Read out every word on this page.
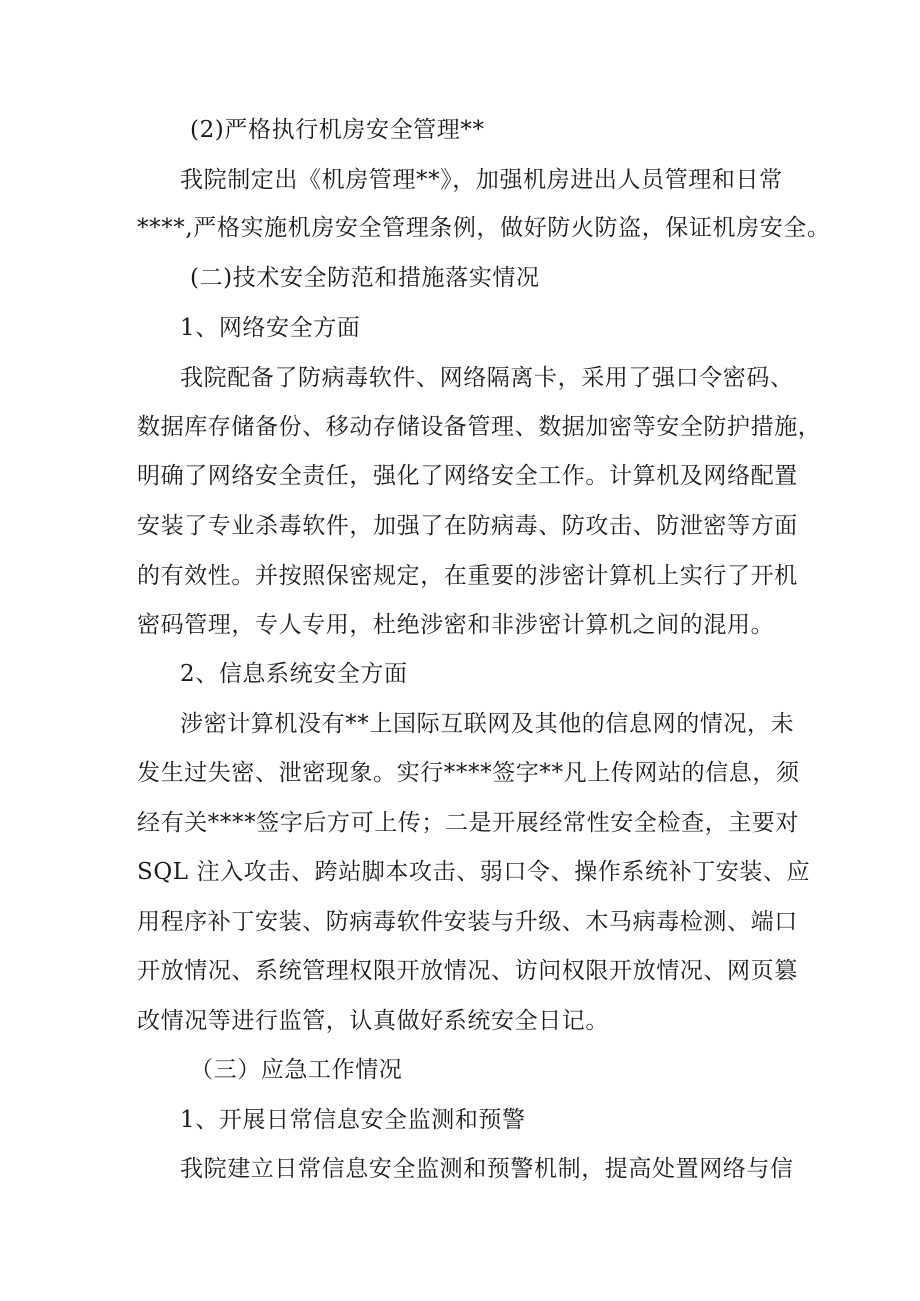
(2)严格执行机房安全管理**
我院制定出《机房管理**》，加强机房进出人员管理和日常
****,严格实施机房安全管理条例，做好防火防盗，保证机房安全。
(二)技术安全防范和措施落实情况
1、网络安全方面
我院配备了防病毒软件、网络隔离卡，采用了强口令密码、
数据库存储备份、移动存储设备管理、数据加密等安全防护措施，
明确了网络安全责任，强化了网络安全工作。计算机及网络配置
安装了专业杀毒软件，加强了在防病毒、防攻击、防泄密等方面
的有效性。并按照保密规定，在重要的涉密计算机上实行了开机
密码管理，专人专用，杜绝涉密和非涉密计算机之间的混用。
2、信息系统安全方面
涉密计算机没有**上国际互联网及其他的信息网的情况，未
发生过失密、泄密现象。实行****签字**凡上传网站的信息，须
经有关****签字后方可上传；二是开展经常性安全检查，主要对
SQL 注入攻击、跨站脚本攻击、弱口令、操作系统补丁安装、应
用程序补丁安装、防病毒软件安装与升级、木马病毒检测、端口
开放情况、系统管理权限开放情况、访问权限开放情况、网页篡
改情况等进行监管，认真做好系统安全日记。
（三）应急工作情况
1、开展日常信息安全监测和预警
我院建立日常信息安全监测和预警机制，提高处置网络与信
